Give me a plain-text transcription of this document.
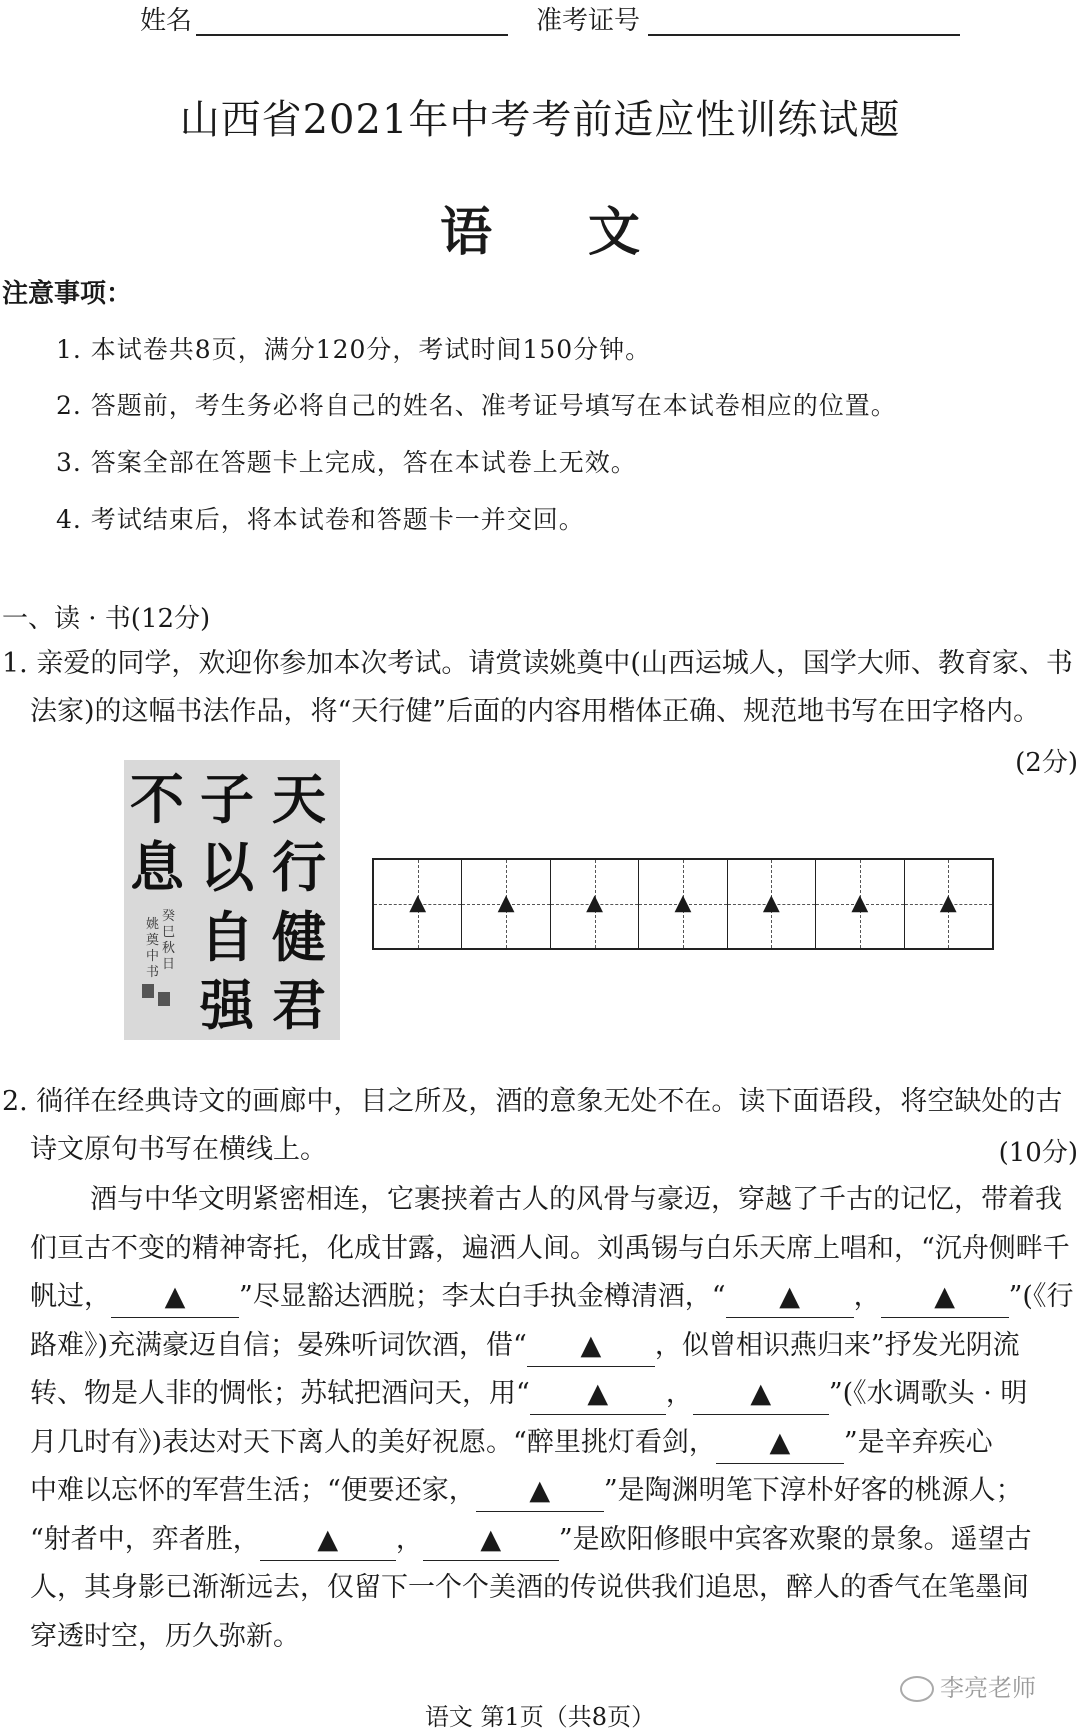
姓名	准考证号
山西省2021年中考考前适应性训练试题
语 文
注意事项：
1. 本试卷共8页，满分120分，考试时间150分钟。
2. 答题前，考生务必将自己的姓名、准考证号填写在本试卷相应的位置。
3. 答案全部在答题卡上完成，答在本试卷上无效。
4. 考试结束后，将本试卷和答题卡一并交回。
一、读 · 书(12分)
1. 亲爱的同学，欢迎你参加本次考试。请赏读姚奠中(山西运城人，国学大师、教育家、书
法家)的这幅书法作品，将“天行健”后面的内容用楷体正确、规范地书写在田字格内。
(2分)
天
行
健
君
子
以
自
强
不
息
癸
巳
秋
日
姚
奠
中
书
▲	▲	▲	▲	▲	▲	▲
2. 徜徉在经典诗文的画廊中，目之所及，酒的意象无处不在。读下面语段，将空缺处的古
诗文原句书写在横线上。	(10分)
酒与中华文明紧密相连，它裹挟着古人的风骨与豪迈，穿越了千古的记忆，带着我
们亘古不变的精神寄托，化成甘露，遍洒人间。刘禹锡与白乐天席上唱和，“沉舟侧畔千
帆过， ▲ ”尽显豁达洒脱；李太白手执金樽清酒，“ ▲ ， ▲ ”(《行
路难》)充满豪迈自信；晏殊听词饮酒，借“ ▲ ，似曾相识燕归来”抒发光阴流
转、物是人非的惆怅；苏轼把酒问天，用“ ▲ ， ▲ ”(《水调歌头 · 明
月几时有》)表达对天下离人的美好祝愿。“醉里挑灯看剑， ▲ ”是辛弃疾心
中难以忘怀的军营生活；“便要还家， ▲ ”是陶渊明笔下淳朴好客的桃源人；
“射者中，弈者胜， ▲ ， ▲ ”是欧阳修眼中宾客欢聚的景象。遥望古
人，其身影已渐渐远去，仅留下一个个美酒的传说供我们追思，醉人的香气在笔墨间
穿透时空，历久弥新。
李亮老师
语文 第1页（共8页）
